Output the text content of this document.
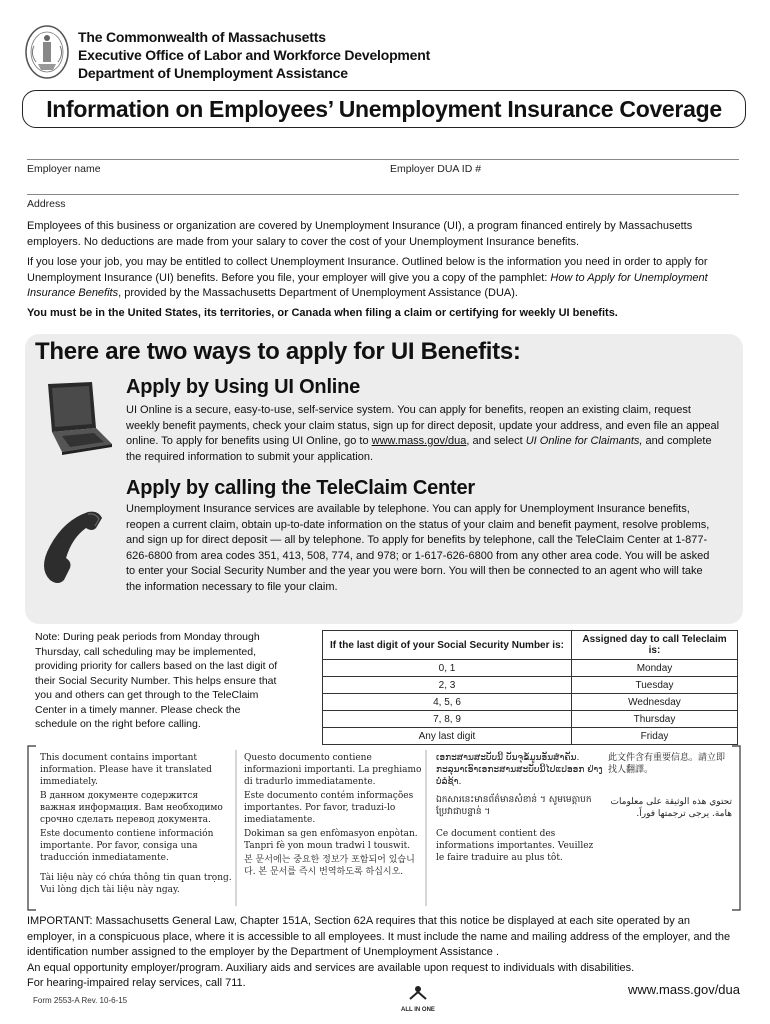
The Commonwealth of Massachusetts
Executive Office of Labor and Workforce Development
Department of Unemployment Assistance
Information on Employees’ Unemployment Insurance Coverage
Employer name	Employer DUA ID #
Address
Employees of this business or organization are covered by Unemployment Insurance (UI), a program financed entirely by Massachusetts employers. No deductions are made from your salary to cover the cost of your Unemployment Insurance benefits.
If you lose your job, you may be entitled to collect Unemployment Insurance. Outlined below is the information you need in order to apply for Unemployment Insurance (UI) benefits. Before you file, your employer will give you a copy of the pamphlet: How to Apply for Unemployment Insurance Benefits, provided by the Massachusetts Department of Unemployment Assistance (DUA).
You must be in the United States, its territories, or Canada when filing a claim or certifying for weekly UI benefits.
There are two ways to apply for UI Benefits:
Apply by Using UI Online
UI Online is a secure, easy-to-use, self-service system. You can apply for benefits, reopen an existing claim, request weekly benefit payments, check your claim status, sign up for direct deposit, update your address, and even file an appeal online. To apply for benefits using UI Online, go to www.mass.gov/dua, and select UI Online for Claimants, and complete the required information to submit your application.
Apply by calling the TeleClaim Center
Unemployment Insurance services are available by telephone. You can apply for Unemployment Insurance benefits, reopen a current claim, obtain up-to-date information on the status of your claim and benefit payment, resolve problems, and sign up for direct deposit — all by telephone. To apply for benefits by telephone, call the TeleClaim Center at 1-877-626-6800 from area codes 351, 413, 508, 774, and 978; or 1-617-626-6800 from any other area code. You will be asked to enter your Social Security Number and the year you were born. You will then be connected to an agent who will take the information necessary to file your claim.
Note: During peak periods from Monday through Thursday, call scheduling may be implemented, providing priority for callers based on the last digit of their Social Security Number. This helps ensure that you and others can get through to the TeleClaim Center in a timely manner. Please check the schedule on the right before calling.
If the last digit of your Social Security Number is:	Assigned day to call Teleclaim is:
0, 1	Monday
2, 3	Tuesday
4, 5, 6	Wednesday
7, 8, 9	Thursday
Any last digit	Friday
This document contains important information. Please have it translated immediately.
В данном документе содержится важная информация. Вам необходимо срочно сделать перевод документа.
Este documento contiene información importante. Por favor, consiga una traducción inmediatamente.
Tài liệu này có chứa thông tin quan trọng. Vui lòng dịch tài liệu này ngay.
Questo documento contiene informazioni importanti. La preghiamo di tradurlo immediatamente.
Este documento contém informações importantes. Por favor, traduzi-lo imediatamente.
Dokiman sa gen enfòmasyon enpòtan. Tanpri fè yon moun tradwi l touswit.
본 문서에는 중요한 정보가 포함되어 있습니다. 본 문서를 즉시 번역하도록 하십시오.
ເອກະສານສະບັບນີ້ ບັນຈຸຂໍ້ມູນອັນສຳຄັນ. ກະລຸນາເອົາເອກະສານສະບັບນີ້ໄປແປອອກ ຢ່າງບໍ່ລໍຊ້າ.
ឯកសារនេះមានព័ត៌មានសំខាន់ ។ សូមមេត្តាបកប្រែវាជាបន្ទាន់ ។
Ce document contient des informations importantes. Veuillez le faire traduire au plus tôt.
此文件含有重要信息。請立即找人翻譯。
تحتوي هذه الوثيقة على معلومات هامة. يرجى ترجمتها فوراً.
IMPORTANT: Massachusetts General Law, Chapter 151A, Section 62A requires that this notice be displayed at each site operated by an employer, in a conspicuous place, where it is accessible to all employees. It must include the name and mailing address of the employer, and the identification number assigned to the employer by the Department of Unemployment Assistance .
An equal opportunity employer/program. Auxiliary aids and services are available upon request to individuals with disabilities.
For hearing-impaired relay services, call 711.
Form 2553-A Rev. 10-6-15
ALL IN ONE
www.mass.gov/dua
